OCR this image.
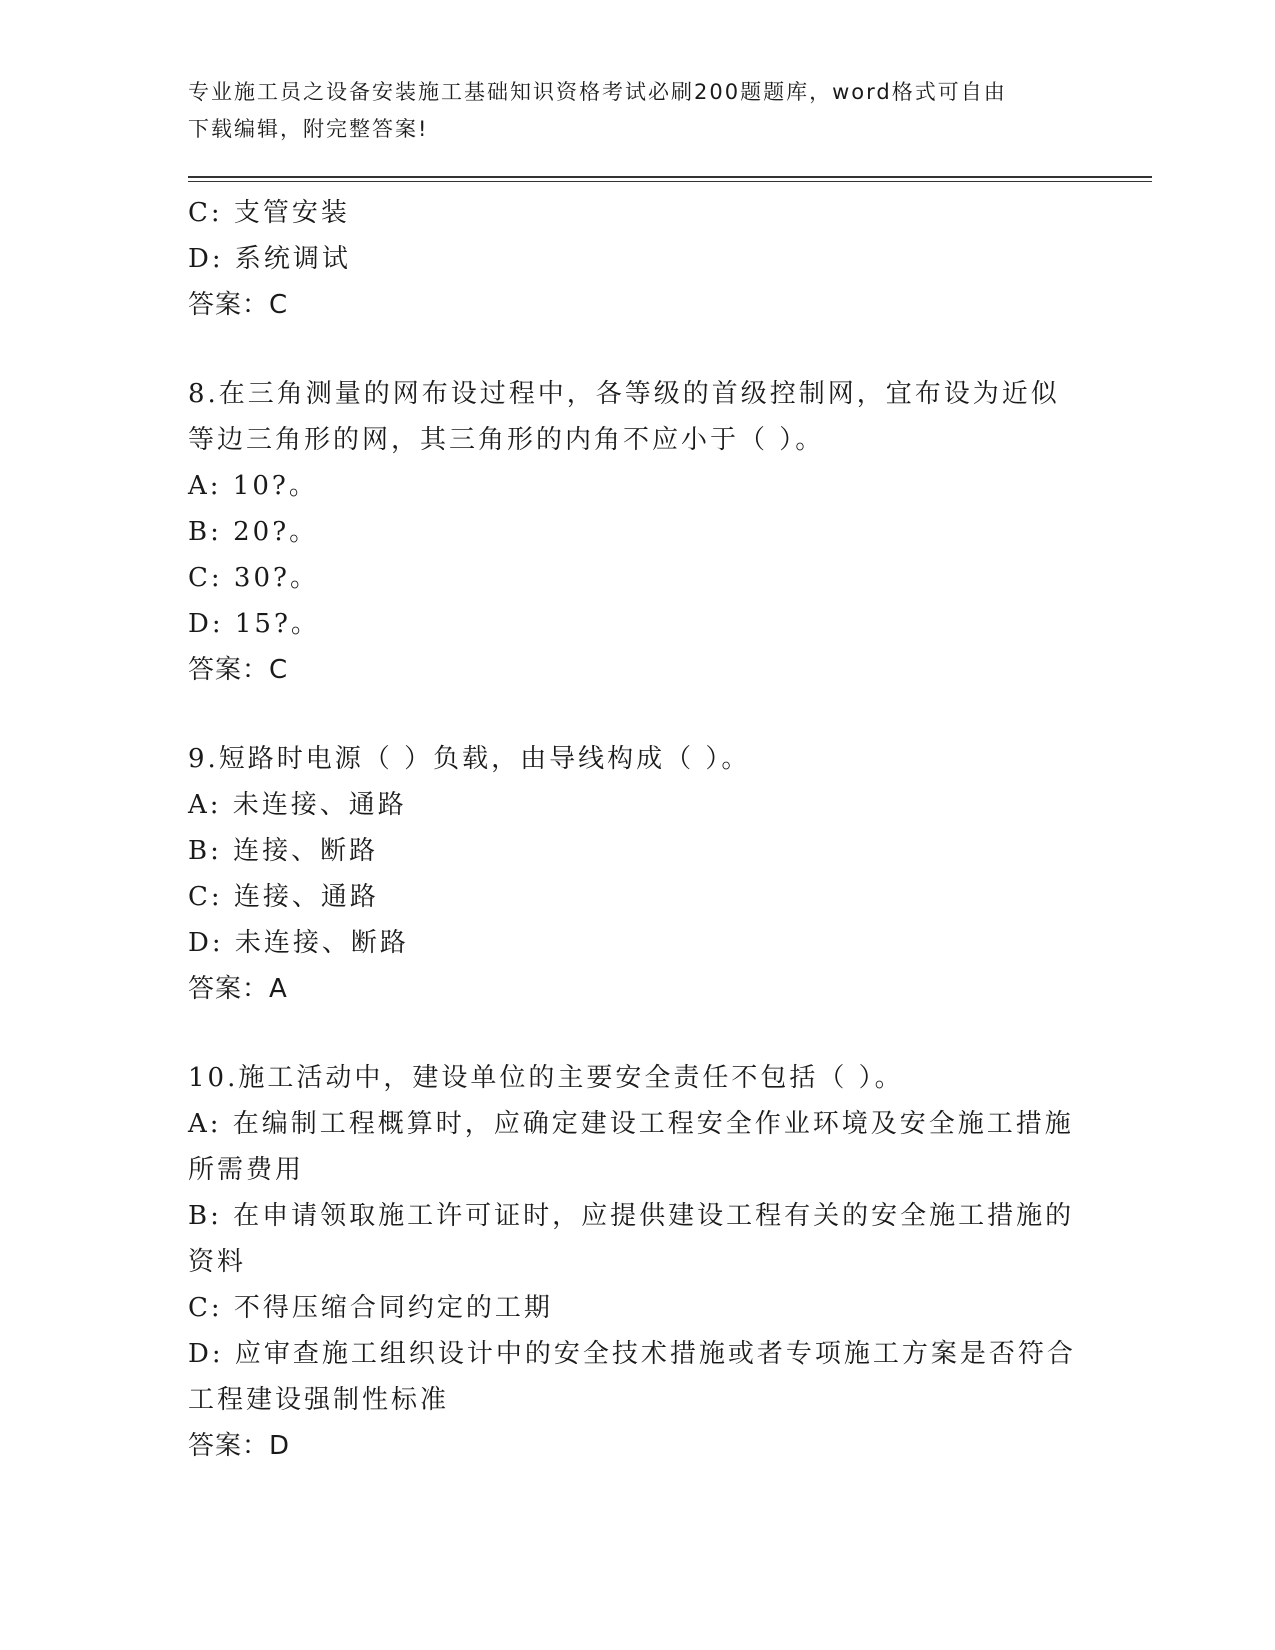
专业施工员之设备安装施工基础知识资格考试必刷200题题库，word格式可自由
下载编辑，附完整答案!
C: 支管安装
D: 系统调试
答案：C
8.在三角测量的网布设过程中，各等级的首级控制网，宜布设为近似
等边三角形的网，其三角形的内角不应小于（ ）。
A: 10?。
B: 20?。
C: 30?。
D: 15?。
答案：C
9.短路时电源（ ）负载，由导线构成（ ）。
A: 未连接、通路
B: 连接、断路
C: 连接、通路
D: 未连接、断路
答案：A
10.施工活动中，建设单位的主要安全责任不包括（ ）。
A: 在编制工程概算时，应确定建设工程安全作业环境及安全施工措施
所需费用
B: 在申请领取施工许可证时，应提供建设工程有关的安全施工措施的
资料
C: 不得压缩合同约定的工期
D: 应审查施工组织设计中的安全技术措施或者专项施工方案是否符合
工程建设强制性标准
答案：D
